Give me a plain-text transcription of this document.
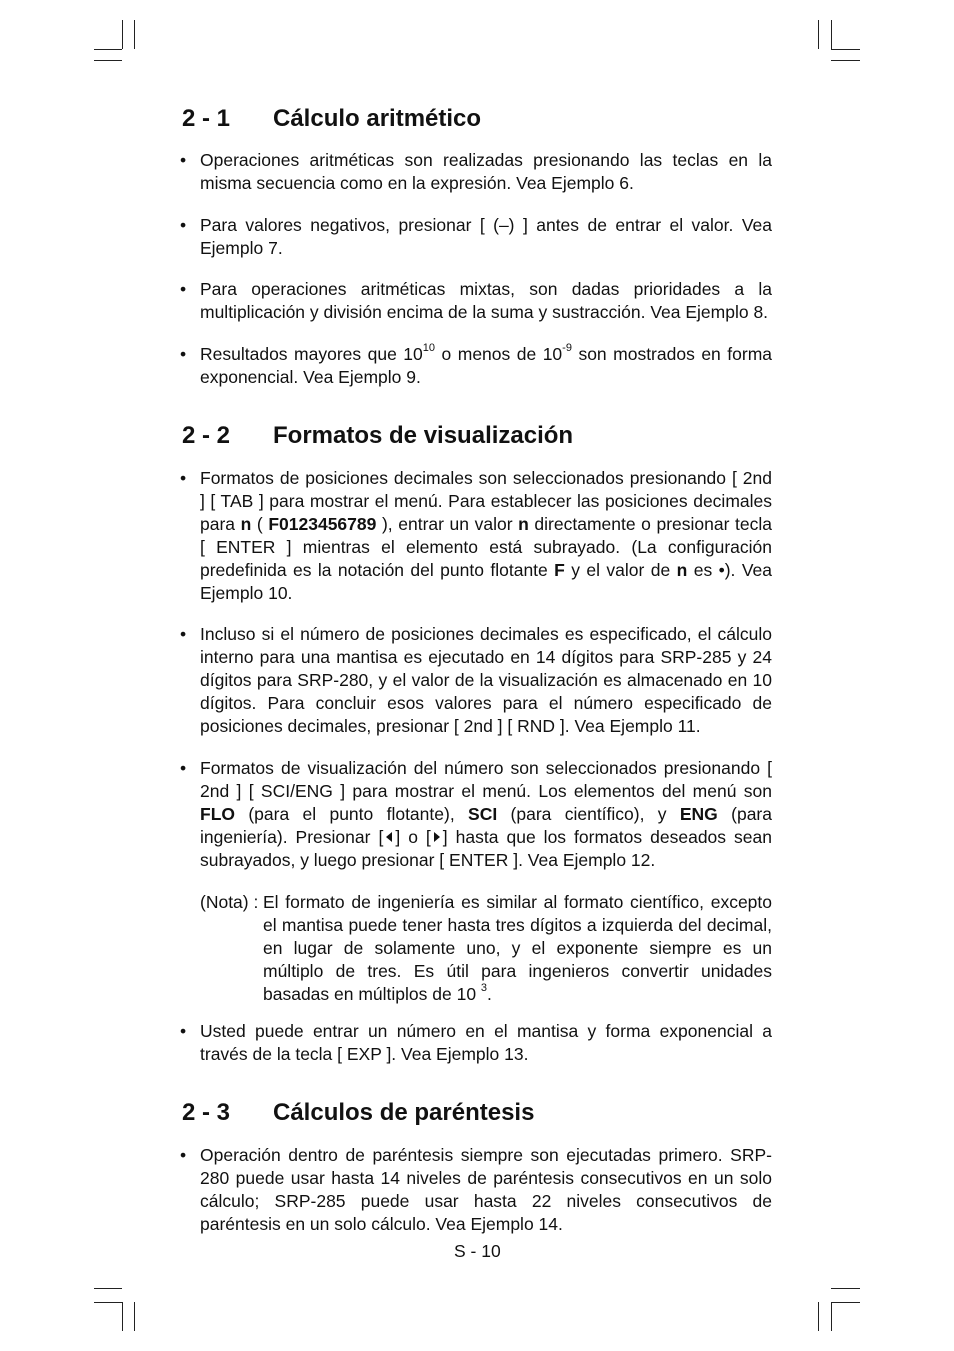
2 - 1 Cálculo aritmético
• Operaciones aritméticas son realizadas presionando las teclas en la misma secuencia como en la expresión. Vea Ejemplo 6.
• Para valores negativos, presionar [ (–) ] antes de entrar el valor. Vea Ejemplo 7.
• Para operaciones aritméticas mixtas, son dadas prioridades a la multiplicación y división encima de la suma y sustracción. Vea Ejemplo 8.
• Resultados mayores que $10^{10}$ o menos de $10^{-9}$ son mostrados en forma exponencial. Vea Ejemplo 9.
2 - 2 Formatos de visualización
• Formatos de posiciones decimales son seleccionados presionando [ 2nd ] [ TAB ] para mostrar el menú. Para establecer las posiciones decimales para n ( F0123456789 ), entrar un valor n directamente o presionar tecla [ ENTER ] mientras el elemento está subrayado. (La configuración predefinida es la notación del punto flotante F y el valor de n es •). Vea Ejemplo 10.
• Incluso si el número de posiciones decimales es especificado, el cálculo interno para una mantisa es ejecutado en 14 dígitos para SRP-285 y 24 dígitos para SRP-280, y el valor de la visualización es almacenado en 10 dígitos. Para concluir esos valores para el número especificado de posiciones decimales, presionar [ 2nd ] [ RND ]. Vea Ejemplo 11.
• Formatos de visualización del número son seleccionados presionando [ 2nd ] [ SCI/ENG ] para mostrar el menú. Los elementos del menú son FLO (para el punto flotante), SCI (para científico), y ENG (para ingeniería). Presionar [ ] o [ ] hasta que los formatos deseados sean subrayados, y luego presionar [ ENTER ]. Vea Ejemplo 12.
(Nota) : El formato de ingeniería es similar al formato científico, excepto el mantisa puede tener hasta tres dígitos a izquierda del decimal, en lugar de solamente uno, y el exponente siempre es un múltiplo de tres. Es útil para ingenieros convertir unidades basadas en múltiplos de 10 $^3$.
• Usted puede entrar un número en el mantisa y forma exponencial a través de la tecla [ EXP ]. Vea Ejemplo 13.
2 - 3 Cálculos de paréntesis
• Operación dentro de paréntesis siempre son ejecutadas primero. SRP-280 puede usar hasta 14 niveles de paréntesis consecutivos en un solo cálculo; SRP-285 puede usar hasta 22 niveles consecutivos de paréntesis en un solo cálculo. Vea Ejemplo 14.
S - 10
